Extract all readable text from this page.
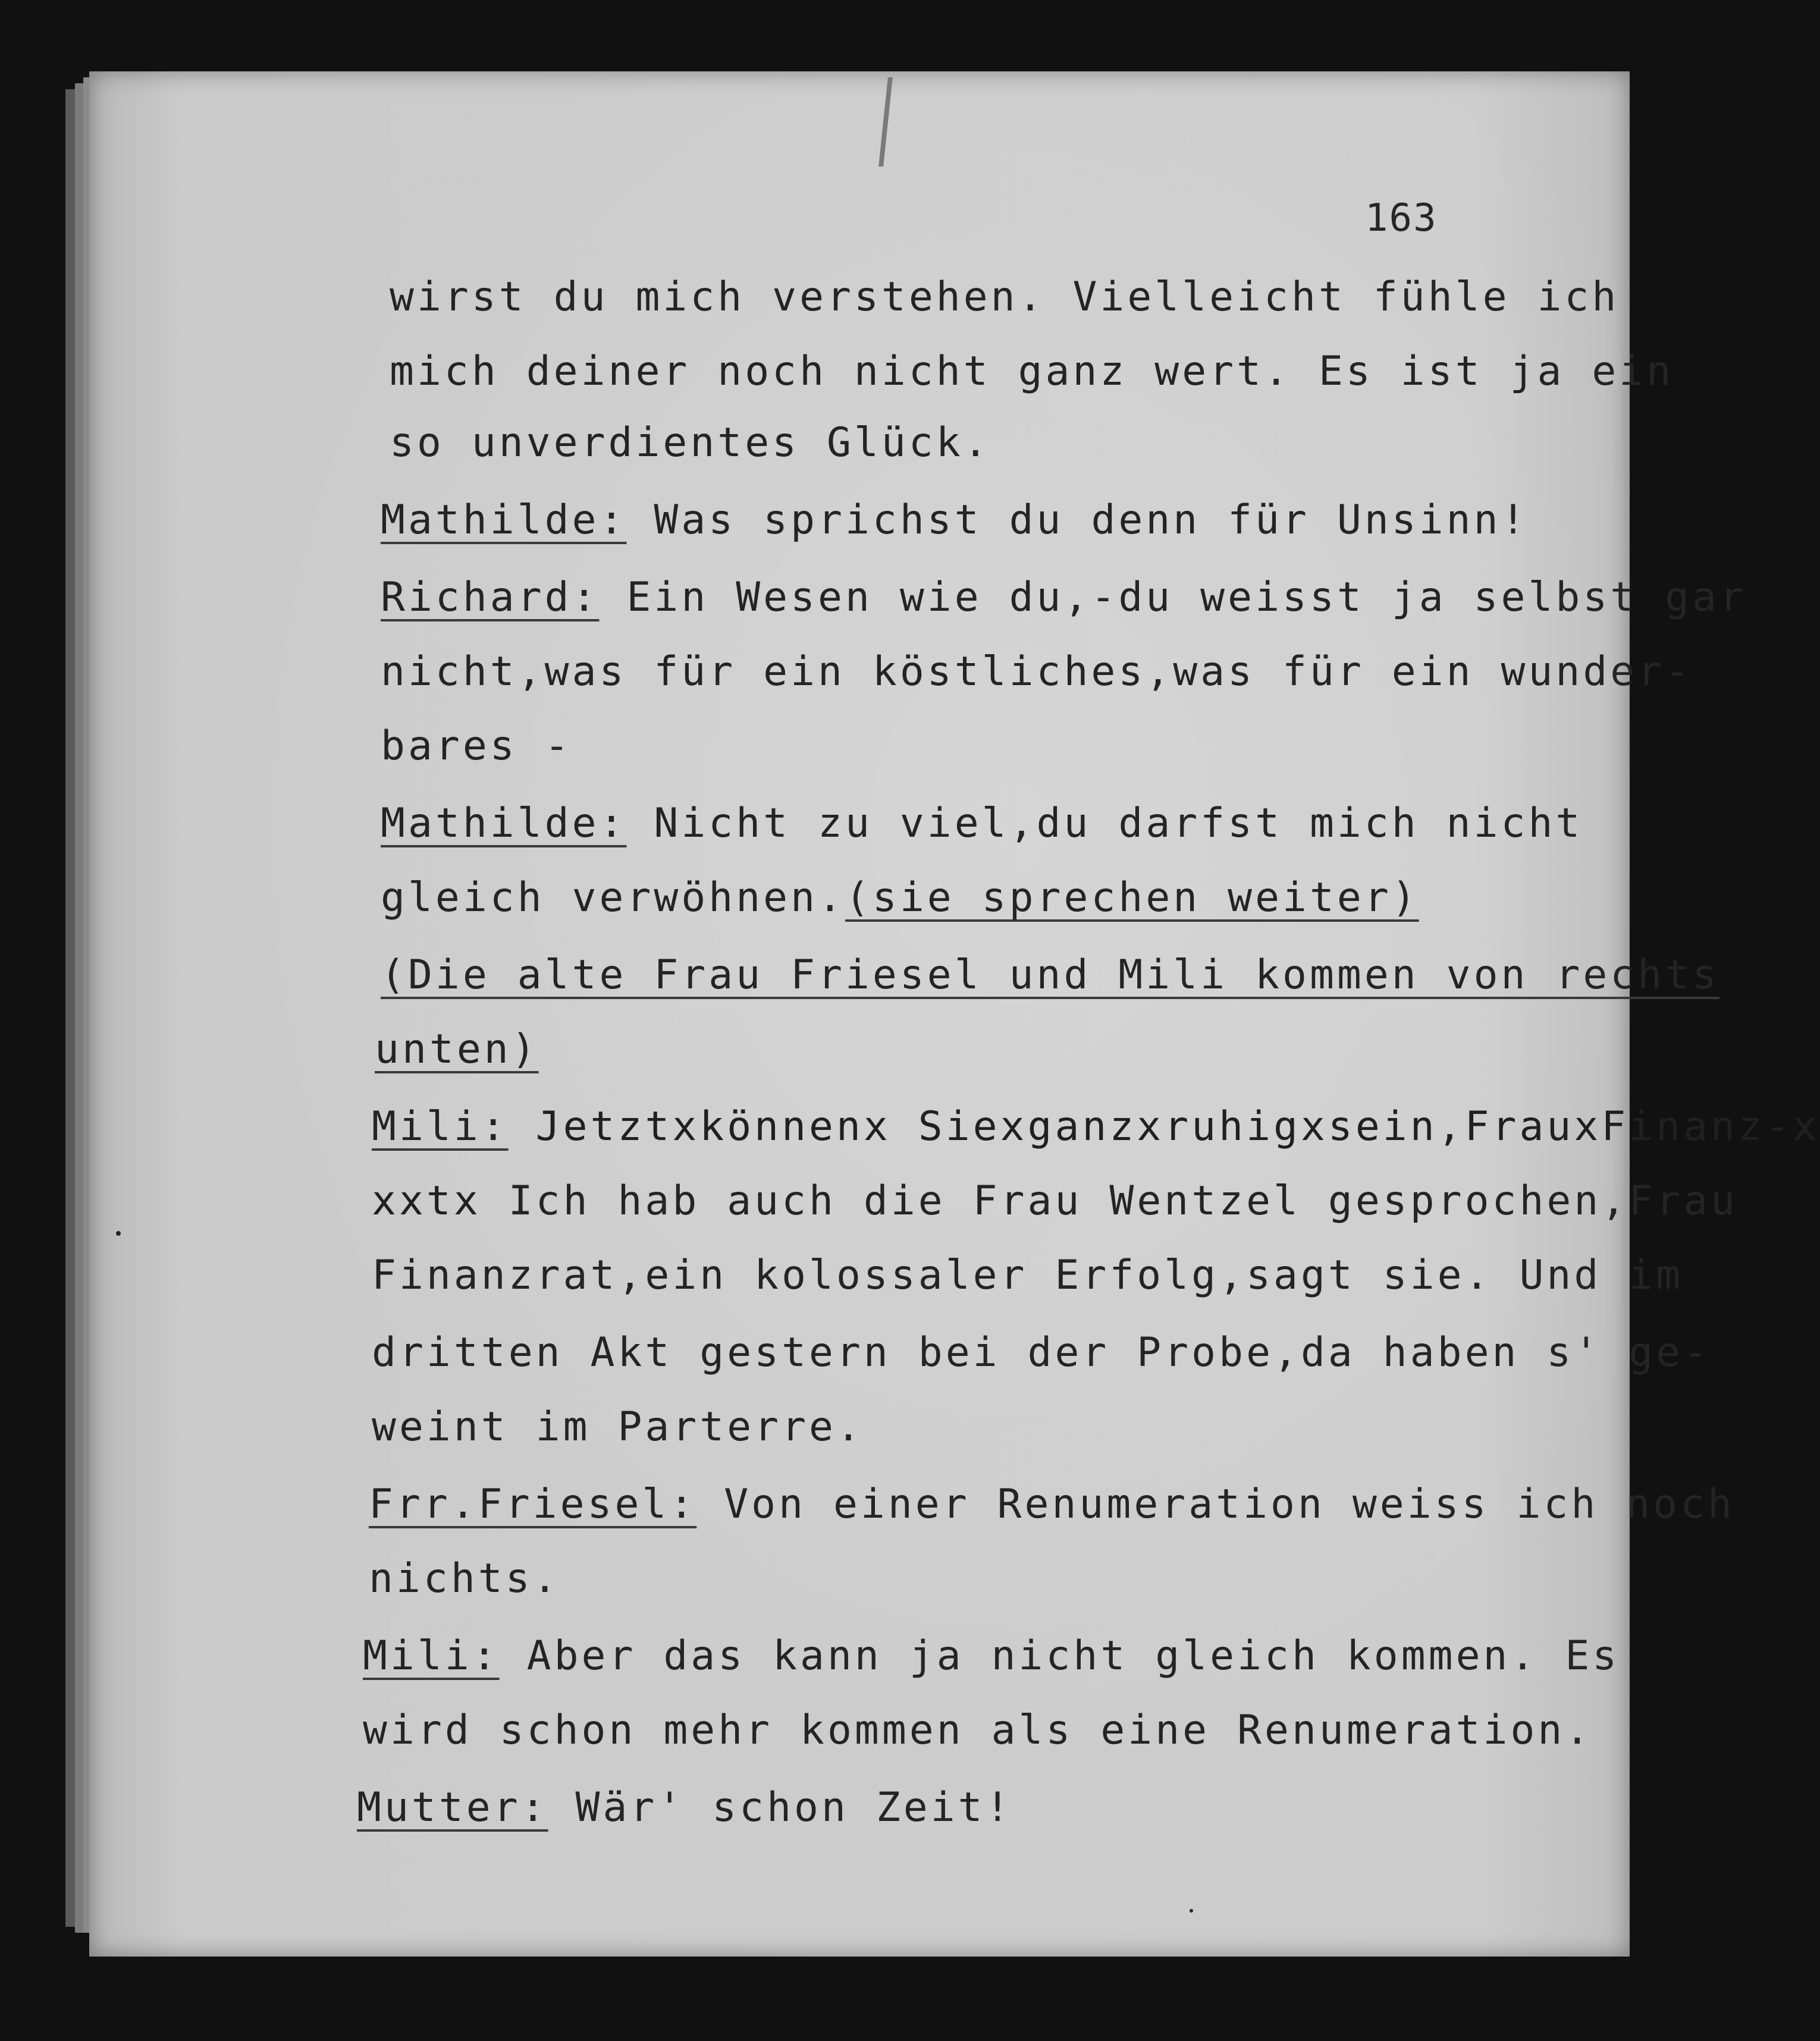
163
wirst du mich verstehen. Vielleicht fühle ich
mich deiner noch nicht ganz wert. Es ist ja ein
so unverdientes Glück.
Mathilde: Was sprichst du denn für Unsinn!
Richard: Ein Wesen wie du,-du weisst ja selbst gar
nicht,was für ein köstliches,was für ein wunder-
bares -
Mathilde: Nicht zu viel,du darfst mich nicht
gleich verwöhnen.(sie sprechen weiter)
(Die alte Frau Friesel und Mili kommen von rechts
unten)
Mili: Jetztxkönnenx Siexganzxruhigxsein,FrauxFinanz-x
xxtx Ich hab auch die Frau Wentzel gesprochen,Frau
Finanzrat,ein kolossaler Erfolg,sagt sie. Und im
dritten Akt gestern bei der Probe,da haben s' ge-
weint im Parterre.
Frr.Friesel: Von einer Renumeration weiss ich noch
nichts.
Mili: Aber das kann ja nicht gleich kommen. Es
wird schon mehr kommen als eine Renumeration.
Mutter: Wär' schon Zeit!
